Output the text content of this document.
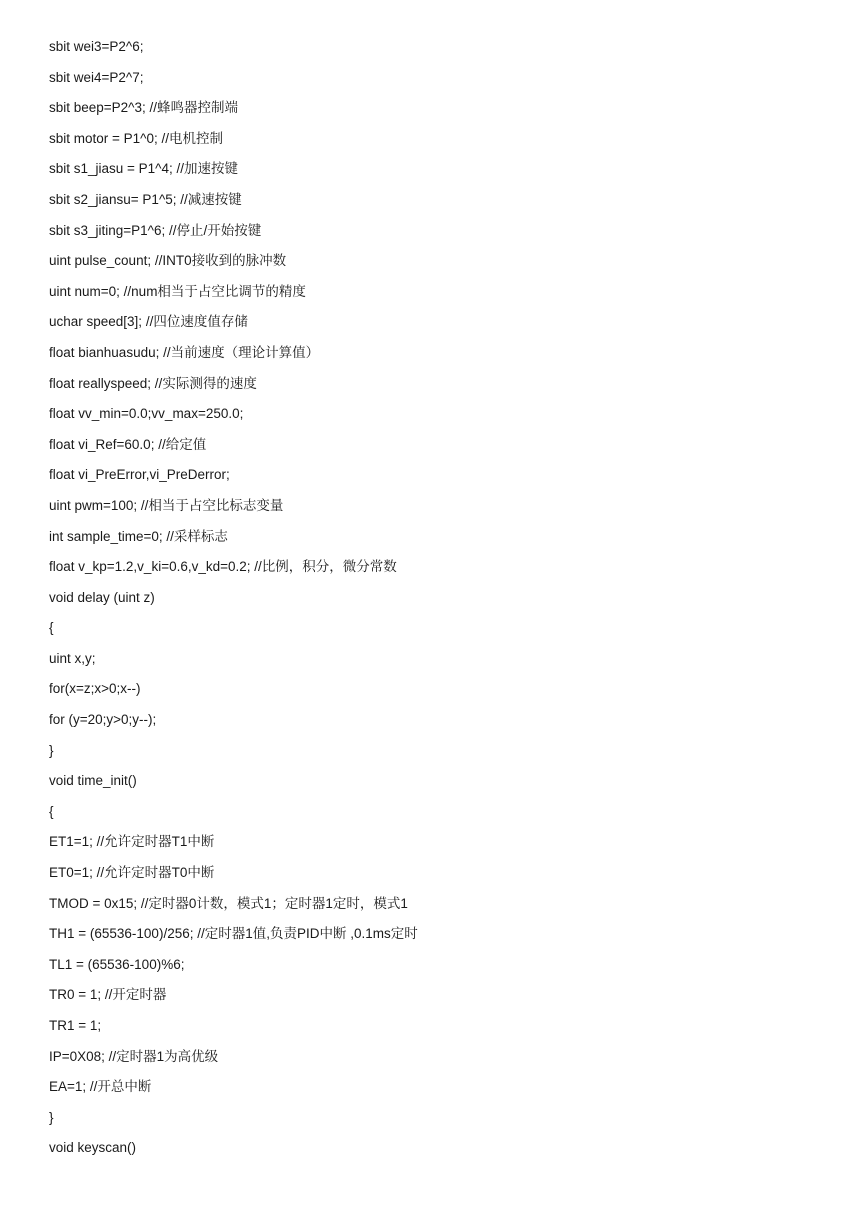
sbit wei3=P2^6;
sbit wei4=P2^7;
sbit beep=P2^3; //蜂鸣器控制端
sbit motor = P1^0; //电机控制
sbit s1_jiasu = P1^4; //加速按键
sbit s2_jiansu= P1^5; //减速按键
sbit s3_jiting=P1^6; //停止/开始按键
uint pulse_count; //INT0接收到的脉冲数
uint num=0; //num相当于占空比调节的精度
uchar speed[3]; //四位速度值存储
float bianhuasudu; //当前速度（理论计算值）
float reallyspeed; //实际测得的速度
float vv_min=0.0;vv_max=250.0;
float vi_Ref=60.0; //给定值
float vi_PreError,vi_PreDerror;
uint pwm=100; //相当于占空比标志变量
int sample_time=0; //采样标志
float v_kp=1.2,v_ki=0.6,v_kd=0.2; //比例，积分，微分常数
void delay (uint z)
{
uint x,y;
for(x=z;x>0;x--)
for (y=20;y>0;y--);
}
void time_init()
{
ET1=1; //允许定时器T1中断
ET0=1; //允许定时器T0中断
TMOD = 0x15; //定时器0计数，模式1；定时器1定时，模式1
TH1 = (65536-100)/256; //定时器1值,负责PID中断 ,0.1ms定时
TL1 = (65536-100)%6;
TR0 = 1; //开定时器
TR1 = 1;
IP=0X08; //定时器1为高优级
EA=1; //开总中断
}
void keyscan()
